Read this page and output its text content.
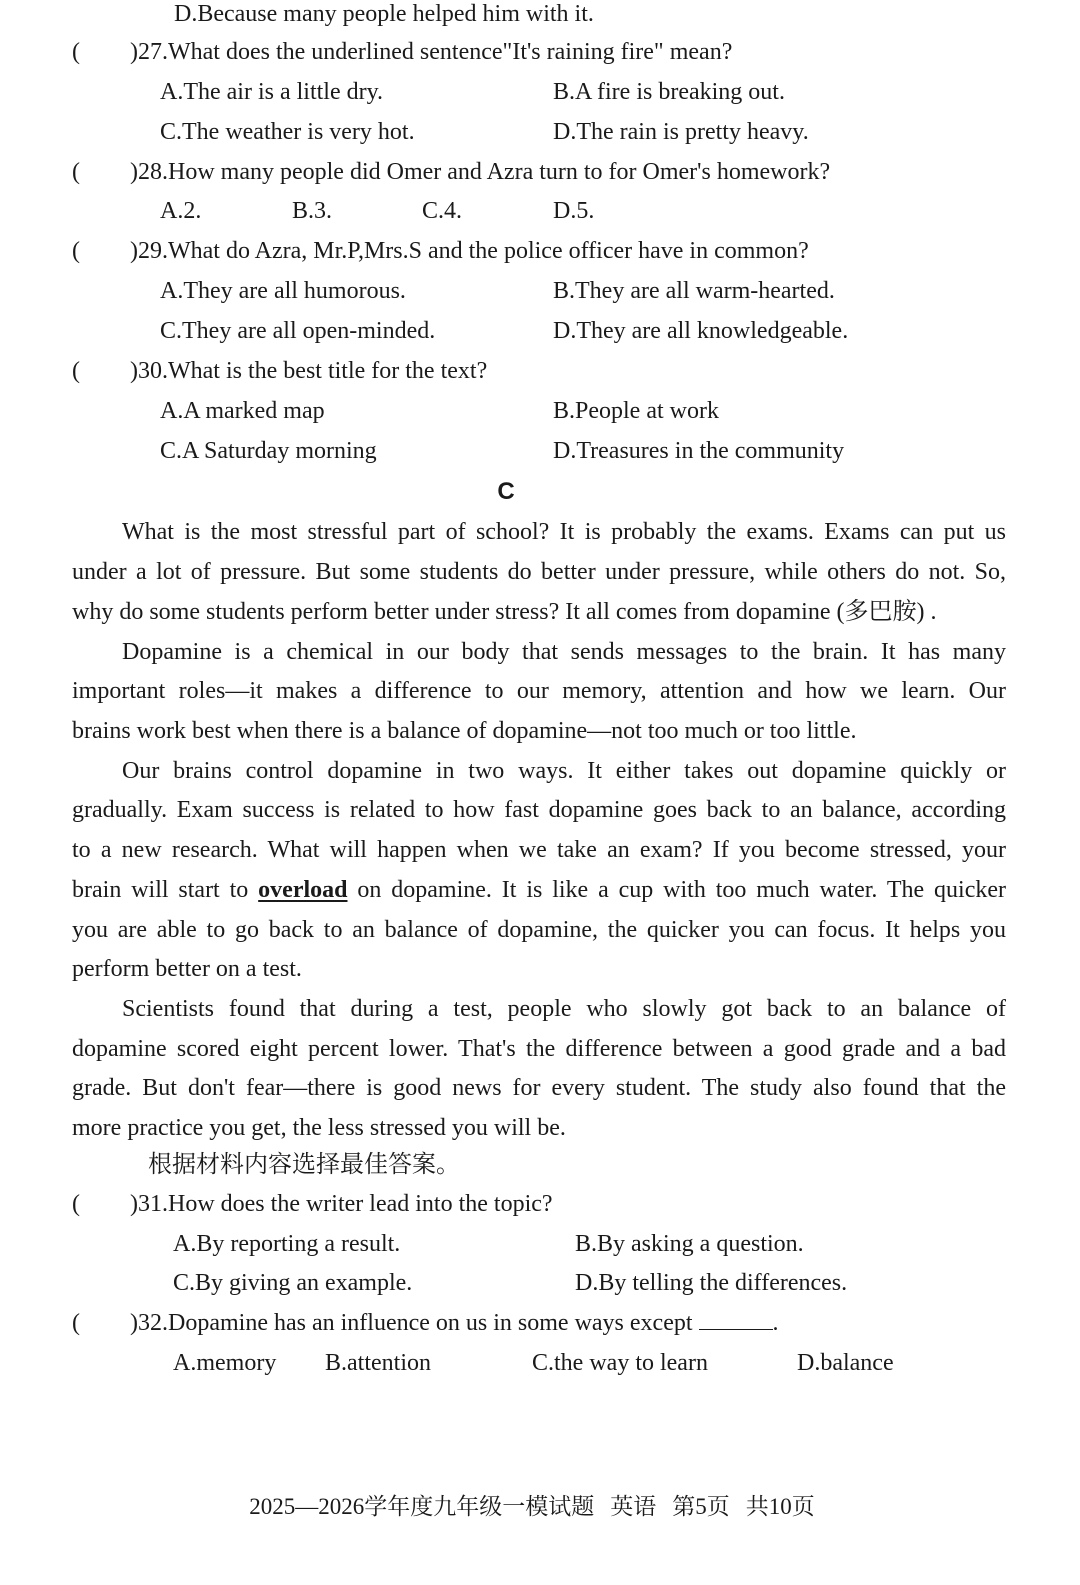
D.Because many people helped him with it.
( )27.What does the underlined sentence"It's raining fire" mean?
A.The air is a little dry.	B.A fire is breaking out.
C.The weather is very hot.	D.The rain is pretty heavy.
( )28.How many people did Omer and Azra turn to for Omer's homework?
A.2.	B.3.	C.4.	D.5.
( )29.What do Azra, Mr.P,Mrs.S and the police officer have in common?
A.They are all humorous.	B.They are all warm-hearted.
C.They are all open-minded.	D.They are all knowledgeable.
( )30.What is the best title for the text?
A.A marked map	B.People at work
C.A Saturday morning	D.Treasures in the community
C
What is the most stressful part of school? It is probably the exams. Exams can put us
under a lot of pressure. But some students do better under pressure, while others do not. So,
why do some students perform better under stress? It all comes from dopamine (多巴胺) .
Dopamine is a chemical in our body that sends messages to the brain. It has many
important roles—it makes a difference to our memory, attention and how we learn. Our
brains work best when there is a balance of dopamine—not too much or too little.
Our brains control dopamine in two ways. It either takes out dopamine quickly or
gradually. Exam success is related to how fast dopamine goes back to an balance, according
to a new research. What will happen when we take an exam? If you become stressed, your
brain will start to overload on dopamine. It is like a cup with too much water. The quicker
you are able to go back to an balance of dopamine, the quicker you can focus. It helps you
perform better on a test.
Scientists found that during a test, people who slowly got back to an balance of
dopamine scored eight percent lower. That's the difference between a good grade and a bad
grade. But don't fear—there is good news for every student. The study also found that the
more practice you get, the less stressed you will be.
根据材料内容选择最佳答案。
( )31.How does the writer lead into the topic?
A.By reporting a result.	B.By asking a question.
C.By giving an example.	D.By telling the differences.
( )32.Dopamine has an influence on us in some ways except	.
A.memory B.attention	C.the way to learn	D.balance
2025—2026学年度九年级一模试题 英语 第5页 共10页
